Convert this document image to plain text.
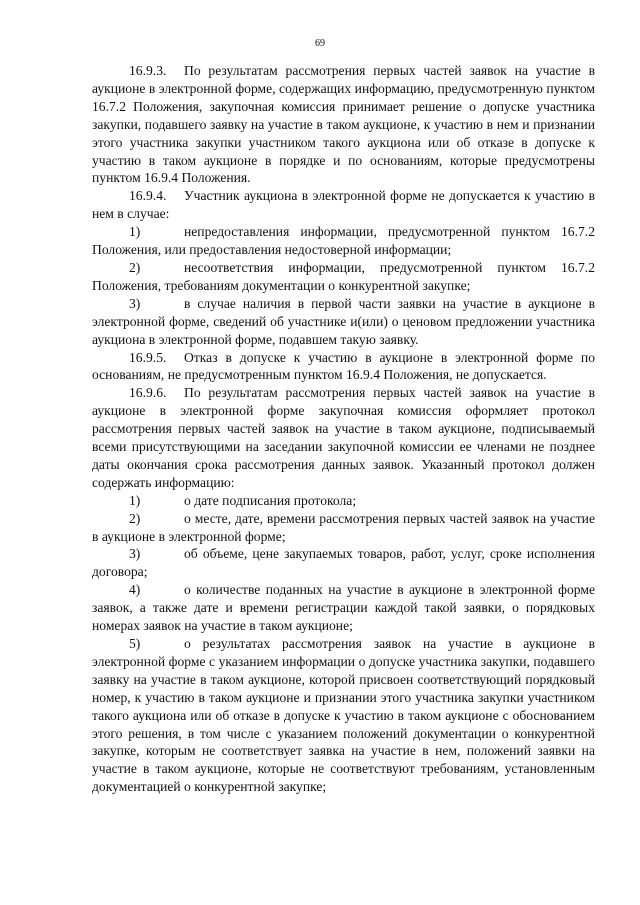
69

16.9.3. По результатам рассмотрения первых частей заявок на участие в аукционе в электронной форме, содержащих информацию, предусмотренную пунктом 16.7.2 Положения, закупочная комиссия принимает решение о допуске участника закупки, подавшего заявку на участие в таком аукционе, к участию в нем и признании этого участника закупки участником такого аукциона или об отказе в допуске к участию в таком аукционе в порядке и по основаниям, которые предусмотрены пунктом 16.9.4 Положения.

16.9.4. Участник аукциона в электронной форме не допускается к участию в нем в случае:

1)	непредоставления информации, предусмотренной пунктом 16.7.2 Положения, или предоставления недостоверной информации;

2)	несоответствия информации, предусмотренной пунктом 16.7.2 Положения, требованиям документации о конкурентной закупке;

3)	в случае наличия в первой части заявки на участие в аукционе в электронной форме, сведений об участнике и(или) о ценовом предложении участника аукциона в электронной форме, подавшем такую заявку.

16.9.5. Отказ в допуске к участию в аукционе в электронной форме по основаниям, не предусмотренным пунктом 16.9.4 Положения, не допускается.

16.9.6. По результатам рассмотрения первых частей заявок на участие в аукционе в электронной форме закупочная комиссия оформляет протокол рассмотрения первых частей заявок на участие в таком аукционе, подписываемый всеми присутствующими на заседании закупочной комиссии ее членами не позднее даты окончания срока рассмотрения данных заявок. Указанный протокол должен содержать информацию:

1)	о дате подписания протокола;

2)	о месте, дате, времени рассмотрения первых частей заявок на участие в аукционе в электронной форме;

3)	об объеме, цене закупаемых товаров, работ, услуг, сроке исполнения договора;

4)	о количестве поданных на участие в аукционе в электронной форме заявок, а также дате и времени регистрации каждой такой заявки, о порядковых номерах заявок на участие в таком аукционе;

5)	о результатах рассмотрения заявок на участие в аукционе в электронной форме с указанием информации о допуске участника закупки, подавшего заявку на участие в таком аукционе, которой присвоен соответствующий порядковый номер, к участию в таком аукционе и признании этого участника закупки участником такого аукциона или об отказе в допуске к участию в таком аукционе с обоснованием этого решения, в том числе с указанием положений документации о конкурентной закупке, которым не соответствует заявка на участие в нем, положений заявки на участие в таком аукционе, которые не соответствуют требованиям, установленным документацией о конкурентной закупке;
